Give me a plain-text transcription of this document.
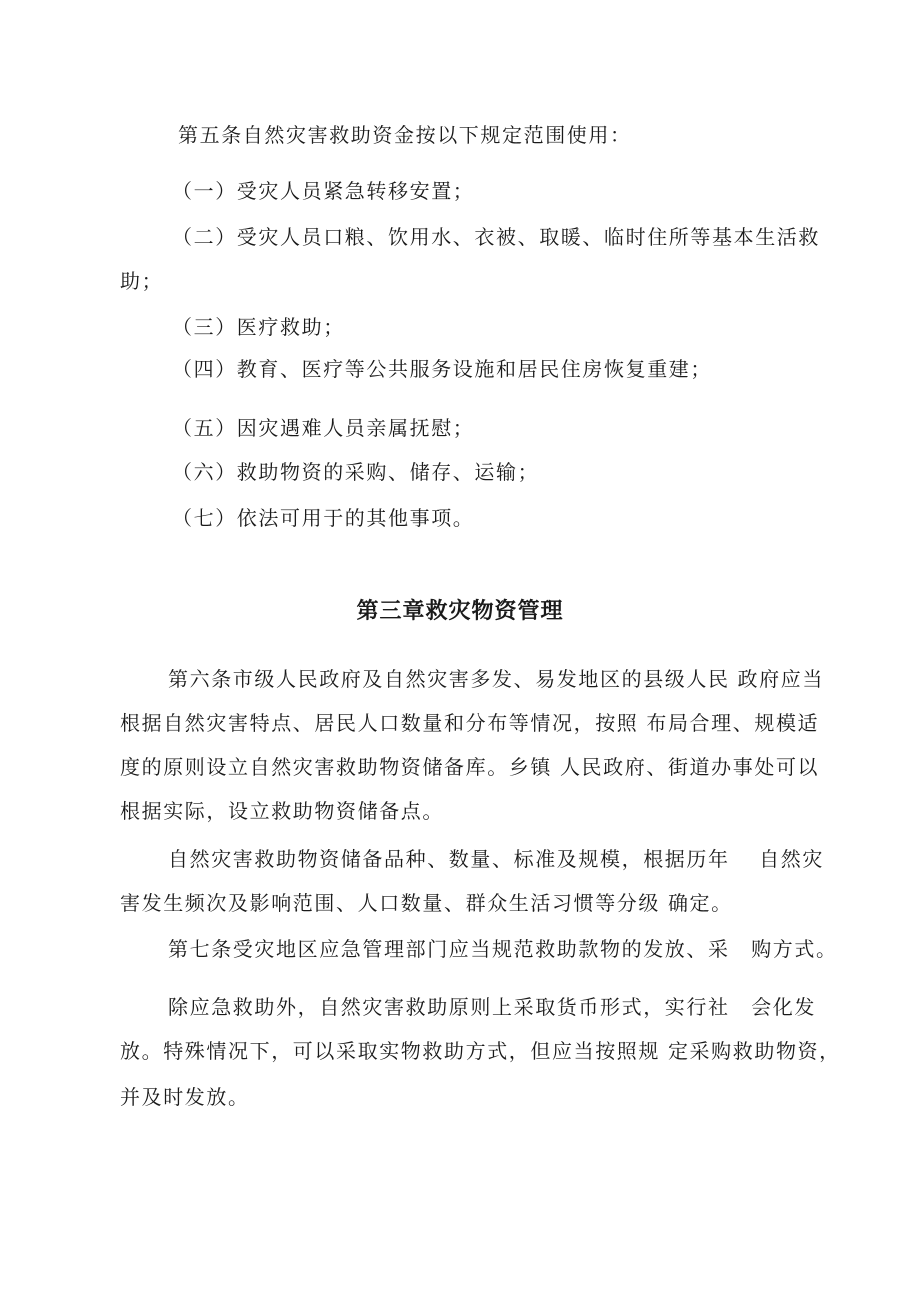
第五条自然灾害救助资金按以下规定范围使用：
（一）受灾人员紧急转移安置；
（二）受灾人员口粮、饮用水、衣被、取暖、临时住所等基本生活救
助；
（三）医疗救助；
（四）教育、医疗等公共服务设施和居民住房恢复重建；
（五）因灾遇难人员亲属抚慰；
（六）救助物资的采购、储存、运输；
（七）依法可用于的其他事项。
第三章救灾物资管理
第六条市级人民政府及自然灾害多发、易发地区的县级人民 政府应当
根据自然灾害特点、居民人口数量和分布等情况，按照 布局合理、规模适
度的原则设立自然灾害救助物资储备库。乡镇 人民政府、街道办事处可以
根据实际，设立救助物资储备点。
自然灾害救助物资储备品种、数量、标准及规模，根据历年　 自然灾
害发生频次及影响范围、人口数量、群众生活习惯等分级 确定。
第七条受灾地区应急管理部门应当规范救助款物的发放、采　购方式。
除应急救助外，自然灾害救助原则上采取货币形式，实行社　会化发
放。特殊情况下，可以采取实物救助方式，但应当按照规 定采购救助物资，
并及时发放。
